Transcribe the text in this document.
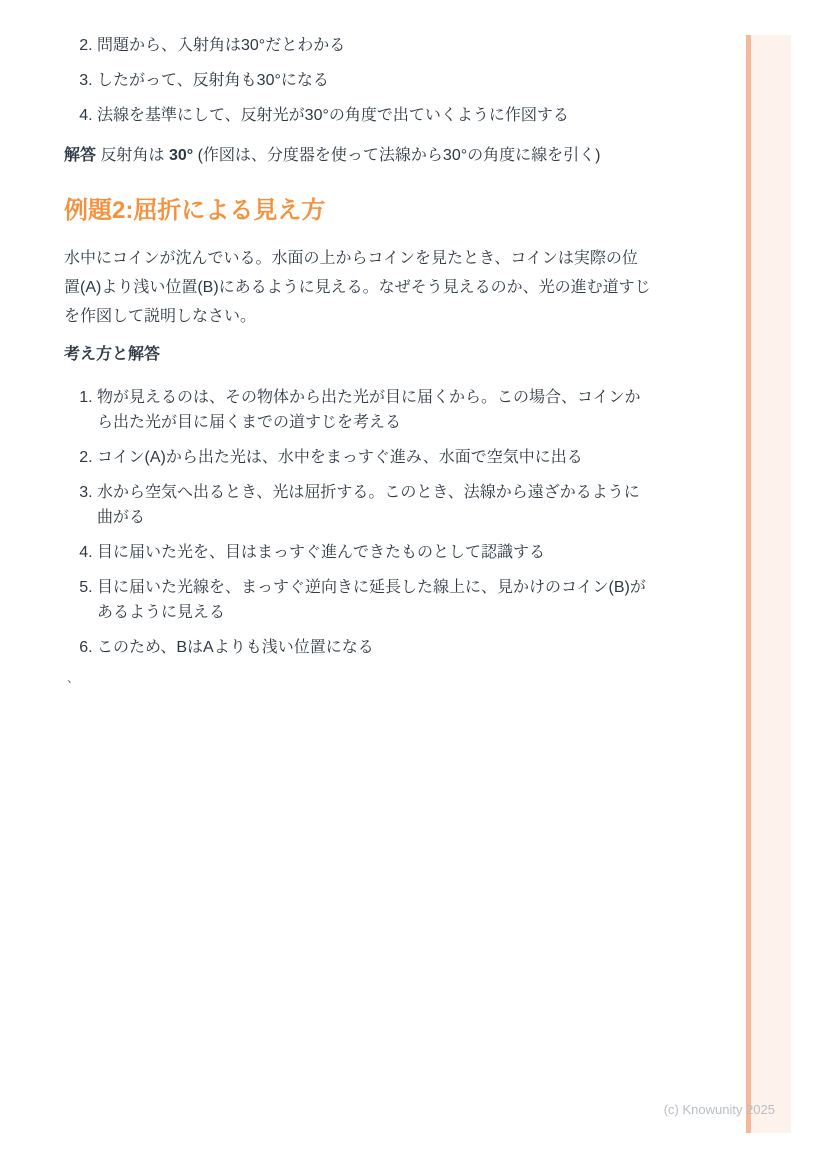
2. 問題から、入射角は30°だとわかる
3. したがって、反射角も30°になる
4. 法線を基準にして、反射光が30°の角度で出ていくように作図する

解答 反射角は 30° (作図は、分度器を使って法線から30°の角度に線を引く)

例題2:屈折による見え方

水中にコインが沈んでいる。水面の上からコインを見たとき、コインは実際の位置(A)より浅い位置(B)にあるように見える。なぜそう見えるのか、光の進む道すじを作図して説明しなさい。

考え方と解答

1. 物が見えるのは、その物体から出た光が目に届くから。この場合、コインから出た光が目に届くまでの道すじを考える
2. コイン(A)から出た光は、水中をまっすぐ進み、水面で空気中に出る
3. 水から空気へ出るとき、光は屈折する。このとき、法線から遠ざかるように曲がる
4. 目に届いた光を、目はまっすぐ進んできたものとして認識する
5. 目に届いた光線を、まっすぐ逆向きに延長した線上に、見かけのコイン(B)があるように見える
6. このため、BはAよりも浅い位置になる
、
(c) Knowunity 2025
